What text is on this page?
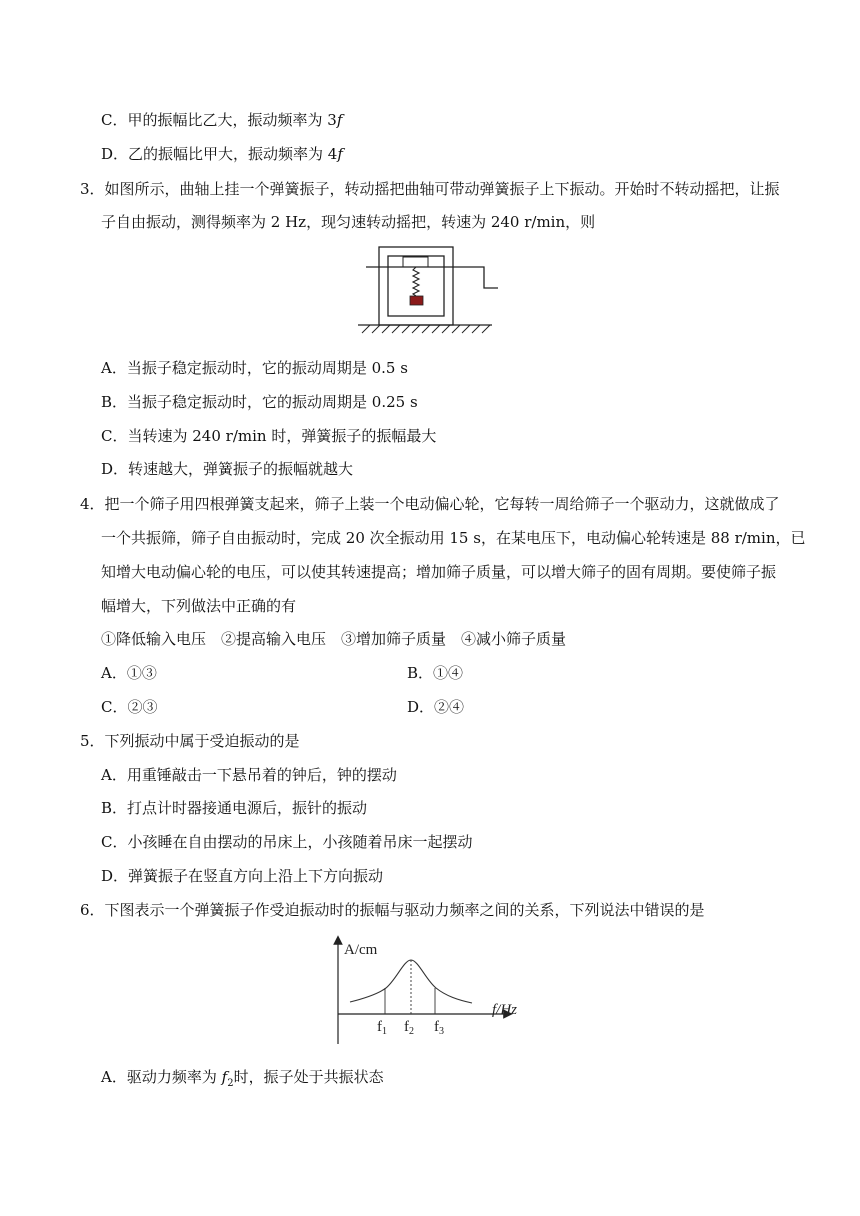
C．甲的振幅比乙大，振动频率为 3f
D．乙的振幅比甲大，振动频率为 4f
3．如图所示，曲轴上挂一个弹簧振子，转动摇把曲轴可带动弹簧振子上下振动。开始时不转动摇把，让振
子自由振动，测得频率为 2 Hz，现匀速转动摇把，转速为 240 r/min，则
A．当振子稳定振动时，它的振动周期是 0.5 s
B．当振子稳定振动时，它的振动周期是 0.25 s
C．当转速为 240 r/min 时，弹簧振子的振幅最大
D．转速越大，弹簧振子的振幅就越大
4．把一个筛子用四根弹簧支起来，筛子上装一个电动偏心轮，它每转一周给筛子一个驱动力，这就做成了
一个共振筛，筛子自由振动时，完成 20 次全振动用 15 s，在某电压下，电动偏心轮转速是 88 r/min，已
知增大电动偏心轮的电压，可以使其转速提高；增加筛子质量，可以增大筛子的固有周期。要使筛子振
幅增大，下列做法中正确的有
①降低输入电压　②提高输入电压　③增加筛子质量　④减小筛子质量
A．①③	B．①④
C．②③	D．②④
5．下列振动中属于受迫振动的是
A．用重锤敲击一下悬吊着的钟后，钟的摆动
B．打点计时器接通电源后，振针的振动
C．小孩睡在自由摆动的吊床上，小孩随着吊床一起摆动
D．弹簧振子在竖直方向上沿上下方向振动
6．下图表示一个弹簧振子作受迫振动时的振幅与驱动力频率之间的关系，下列说法中错误的是
A/cm
f/Hz
$f_1$ $f_2$ $f_3$
A．驱动力频率为 $f_2$时，振子处于共振状态
